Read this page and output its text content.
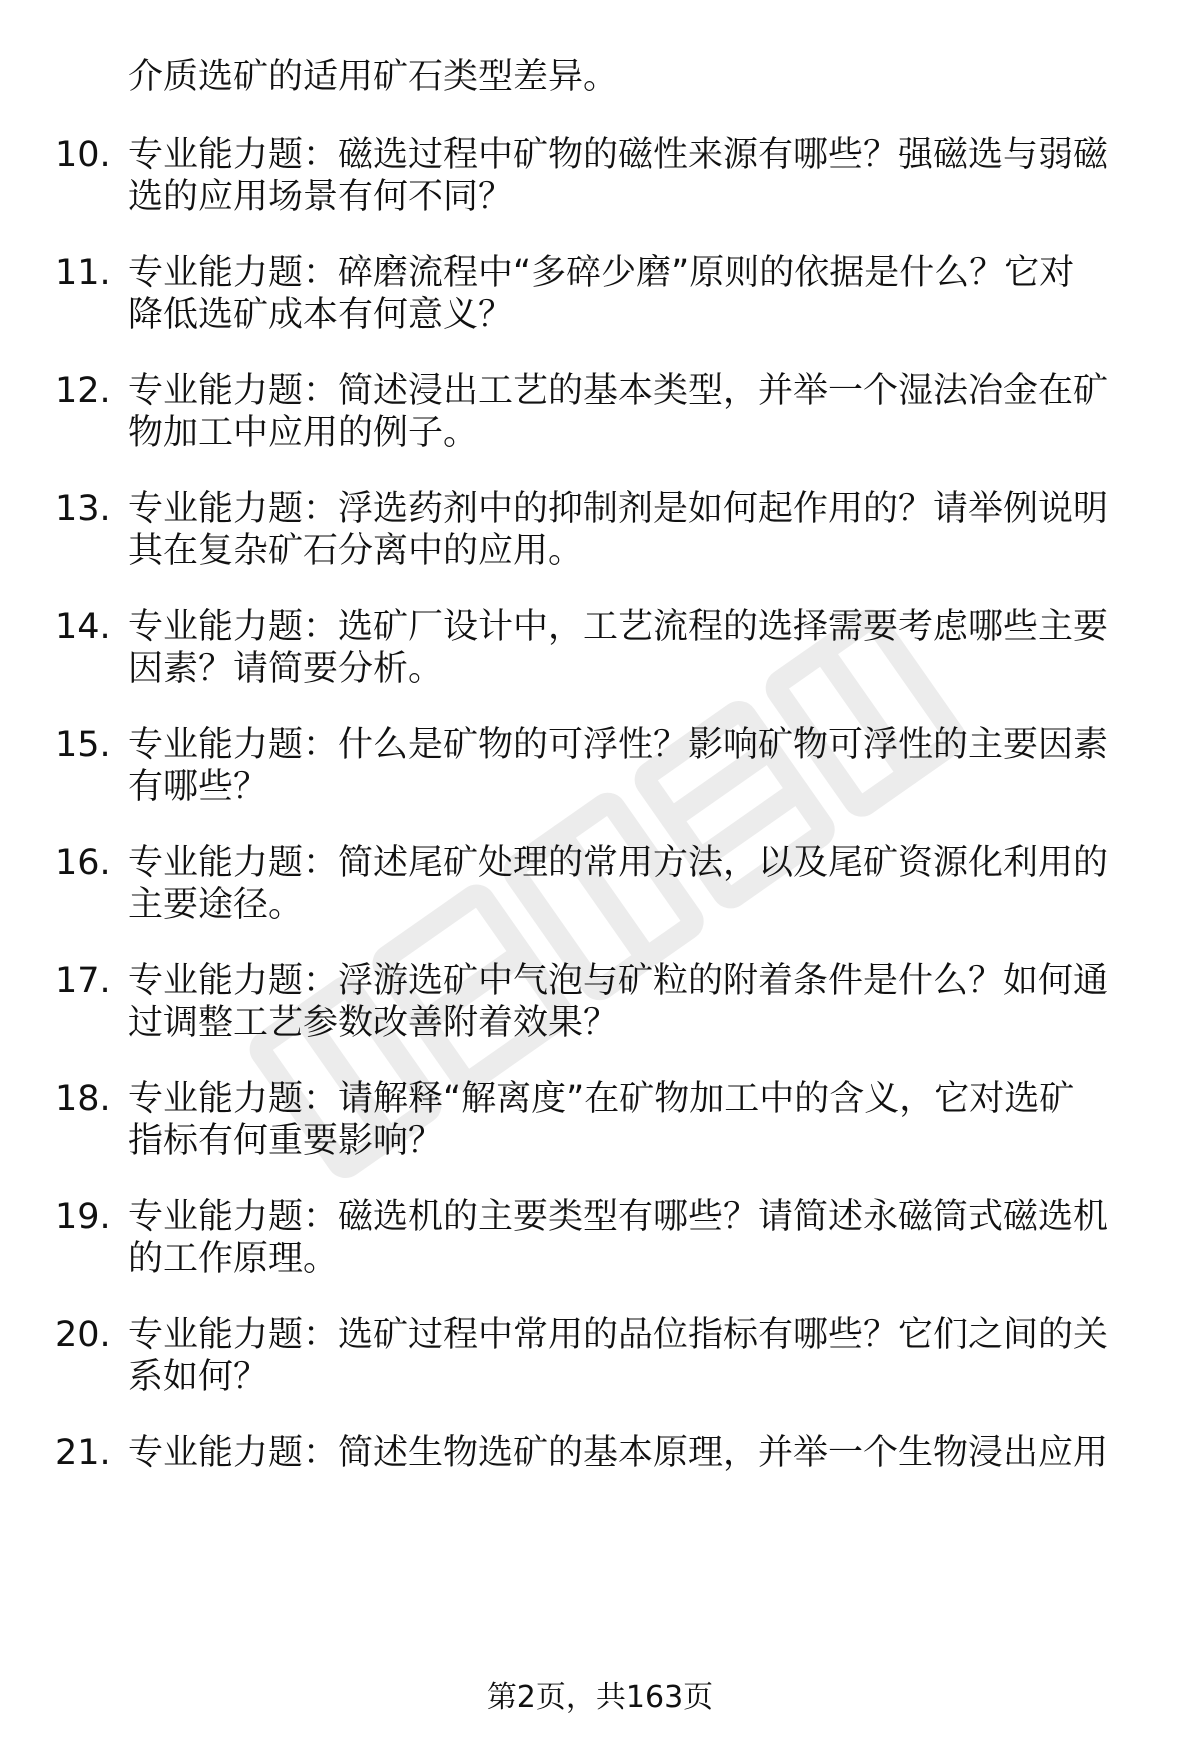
介质选矿的适用矿石类型差异。
10. 专业能力题：磁选过程中矿物的磁性来源有哪些？强磁选与弱磁
选的应用场景有何不同？
11. 专业能力题：碎磨流程中“多碎少磨”原则的依据是什么？它对
降低选矿成本有何意义？
12. 专业能力题：简述浸出工艺的基本类型，并举一个湿法冶金在矿
物加工中应用的例子。
13. 专业能力题：浮选药剂中的抑制剂是如何起作用的？请举例说明
其在复杂矿石分离中的应用。
14. 专业能力题：选矿厂设计中，工艺流程的选择需要考虑哪些主要
因素？请简要分析。
15. 专业能力题：什么是矿物的可浮性？影响矿物可浮性的主要因素
有哪些？
16. 专业能力题：简述尾矿处理的常用方法，以及尾矿资源化利用的
主要途径。
17. 专业能力题：浮游选矿中气泡与矿粒的附着条件是什么？如何通
过调整工艺参数改善附着效果？
18. 专业能力题：请解释“解离度”在矿物加工中的含义，它对选矿
指标有何重要影响？
19. 专业能力题：磁选机的主要类型有哪些？请简述永磁筒式磁选机
的工作原理。
20. 专业能力题：选矿过程中常用的品位指标有哪些？它们之间的关
系如何？
21. 专业能力题：简述生物选矿的基本原理，并举一个生物浸出应用
第2页，共163页
